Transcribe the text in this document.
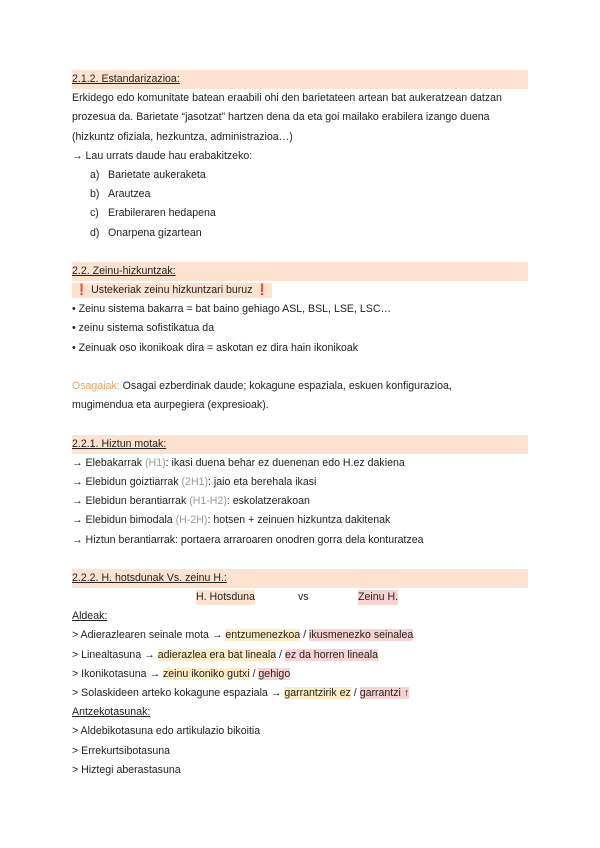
2.1.2. Estandarizazioa:
Erkidego edo komunitate batean eraabili ohi den barietateen artean bat aukeratzean datzan
prozesua da. Barietate “jasotzat” hartzen dena da eta goi mailako erabilera izango duena
(hizkuntz ofiziala, hezkuntza, administrazioa…)
→ Lau urrats daude hau erabakitzeko:
a) Barietate aukeraketa
b) Arautzea
c) Erabileraren hedapena
d) Onarpena gizartean
2.2. Zeinu-hizkuntzak:
❗ Ustekeriak zeinu hizkuntzari buruz ❗
• Zeinu sistema bakarra = bat baino gehiago ASL, BSL, LSE, LSC…
• zeinu sistema sofistikatua da
• Zeinuak oso ikonikoak dira = askotan ez dira hain ikonikoak
Osagaiak: Osagai ezberdinak daude; kokagune espaziala, eskuen konfigurazioa,
mugimendua eta aurpegiera (expresioak).
2.2.1. Hiztun motak:
→ Elebakarrak (H1): ikasi duena behar ez duenenan edo H.ez dakiena
→ Elebidun goiztiarrak (2H1): jaio eta berehala ikasi
→ Elebidun berantiarrak (H1-H2): eskolatzerakoan
→ Elebidun bimodala (H-2H): hotsen + zeinuen hizkuntza dakitenak
→ Hiztun berantiarrak: portaera arraroaren onodren gorra dela konturatzea
2.2.2. H. hotsdunak Vs. zeinu H.:
H. Hotsduna	vs	Zeinu H.
Aldeak:
> Adierazlearen seinale mota → entzumenezkoa / ikusmenezko seinalea
> Linealtasuna → adierazlea era bat lineala / ez da horren lineala
> Ikonikotasuna → zeinu ikoniko gutxi / gehigo
> Solaskideen arteko kokagune espaziala → garrantzirik ez / garrantzi ↑
Antzekotasunak:
> Aldebikotasuna edo artikulazio bikoitia
> Errekurtsibotasuna
> Hiztegi aberastasuna
